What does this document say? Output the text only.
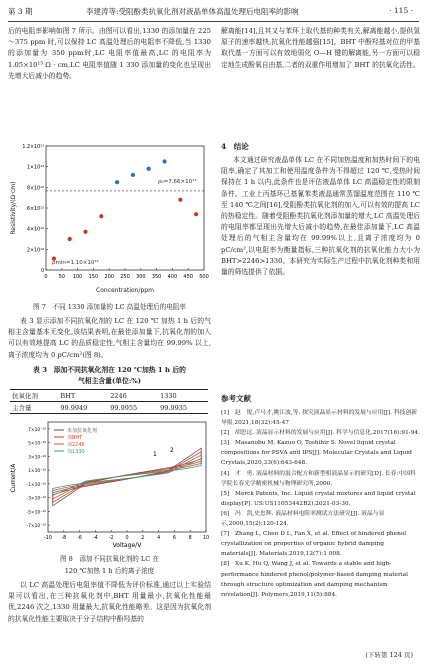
第 3 期	李建涛等:受阻酚类抗氧化剂对液晶单体高温处理后电阻率的影响	· 115 ·

后的电阻率影响如图 7 所示。由图可以看出,1330 的添加量在 225～375 ppm 时,可以保持 LC 高温处理后的电阻率不降低,当 1330 的添加量为 350 ppm时,LC 电阻率值最高,LC 的电阻率为 1.05×10¹³ Ω · cm,LC 电阻率值随 1 330 添加量的变化也呈现出先增大后减小的趋势。

0
2×10¹²
4×10¹²
6×10¹²
8×10¹²
1×10¹³
1.2×10¹³
0 50 100 150 200 250 300 350 400 450 500
ρ₀=7.66×10¹²
ρmin=1.10×10¹²
Concentration/ppm
Resistivity/(Ω·cm)
图 7　不同 1330 添加量的 LC 高温处理后的电阻率

表 3 显示添加不同抗氧化剂的 LC 在 120 ℃ 加热 1 h 后的气相主含量基本无变化,该结果表明,在最佳添加量下,抗氧化剂的加入可以有效地提高 LC 的品质稳定性,气相主含量均在 99.99% 以上,离子浓度均为 0 pC/cm²(图 8)。

表 3　添加不同抗氧化剂在 120 ℃加热 1 h 后的
气相主含量(单位:%)
抗氧化剂	BHT	2246	1330
主含量	99.9949	99.9955	99.9935
-7×10⁻¹⁰
-5×10⁻¹⁰
-3×10⁻¹⁰
-1×10⁻¹⁰
1×10⁻¹⁰
3×10⁻¹⁰
5×10⁻¹⁰
7×10⁻¹⁰
-10 -8 -6 -4 -2 0	2	4	6	8 10
未加抗氧化剂
加BHT
加2246
加1330	1
2
Voltage/V
Current/A
图 8　添加不同抗氧化剂的 LC 在
120 ℃加热 1 h 后的离子浓度

以 LC 高温处理后电阻率值不降低为评价标准,通过以上实验结果可以看出,在三种抗氧化剂中,BHT 用量最小,抗氧化性能最优,2246 次之,1330 用量最大,抗氧化性能略差。这是因为抗氧化剂的抗氧化性能主要取决于分子结构中酚羟基的

解离能[14],且其又与苯环上取代基的种类有关,解离能越小,提供氢原子的速率越快,抗氧化性能越强[15]。BHT 中酚羟基对位的甲基取代基一方面可以有效地弱化 O—H 键的解离能,另一方面可以稳定地生成酚氧自由基,二者的双重作用增加了 BHT 的抗氧化活性。

4　结论

本文通过研究液晶单体 LC 在不同加热温度和加热时间下的电阻率,确定了其加工和使用温度条件为不得超过 120 ℃,受热时间保持在 1 h 以内,此条件也是评估液晶单体 LC 高温稳定性的限制条件。工业上丙基环己基氰苯类液晶通常蒸馏温度范围在 110 ℃ 至 140 ℃之间[16],受阻酚类抗氧化剂的加入,可以有效的提高 LC 的热稳定性。随着受阻酚类抗氧化剂添加量的增大,LC 高温处理后的电阻率都呈现出先增大后减小的趋势,在最佳添加量下,LC 高温处理后的气相主含量均在 99.99%以上,且离子浓度均为 0 pC/cm²,以电阻率为衡量指标,三种抗氧化剂的抗氧化能力大小为 BHT>2246>1330。本研究为实际生产过程中抗氧化剂种类和用量的筛选提供了依据。

参考文献

[1]　赵　锐,卢马才,姚江波,等. 探究液晶显示材料的发展与应用[J]. 科技创新导报,2021,18(32):45-47

[2]　胡思远. 液晶显示材料的发展与应用[J]. 科学与信息化,2017(16):91-94.

[3]　Masanobu M, Kazuo O, Toshihir S. Novel liquid crystal compositions for PSVA and IPS[J]. Molecular Crystals and Liquid Crystals,2020,33(6):643-648.

[4]　才　勇. 液晶材料的混合配方和新型相液晶显示的研究[D]. 长春:中国科学院长春光学精密机械与物理研究所,2000.

[5]　Merck Patents, Inc. Liquid crystal mixtures and liquid crystal display[P]. US:US11053442B2),2021-03-30.

[6]　冯　凯,史忠辉. 液晶材料电阻率测试方法研究[J]. 液晶与显示,2000,15(2):120-124.

[7]　Zhang L, Chen D L, Fan X, et al. Effect of hindered phenol crystallization on properties of organic hybrid damping materials[J]. Materials,2019,12(7):1 008.

[8]　Xu K, Hu Q, Wang J, et al. Towards a stable and high-performance hindered phenol/polymer-based damping material through structure optimization and damping mechanism revelation[J]. Polymers,2019,11(5):884.

(下转第 124 页)
